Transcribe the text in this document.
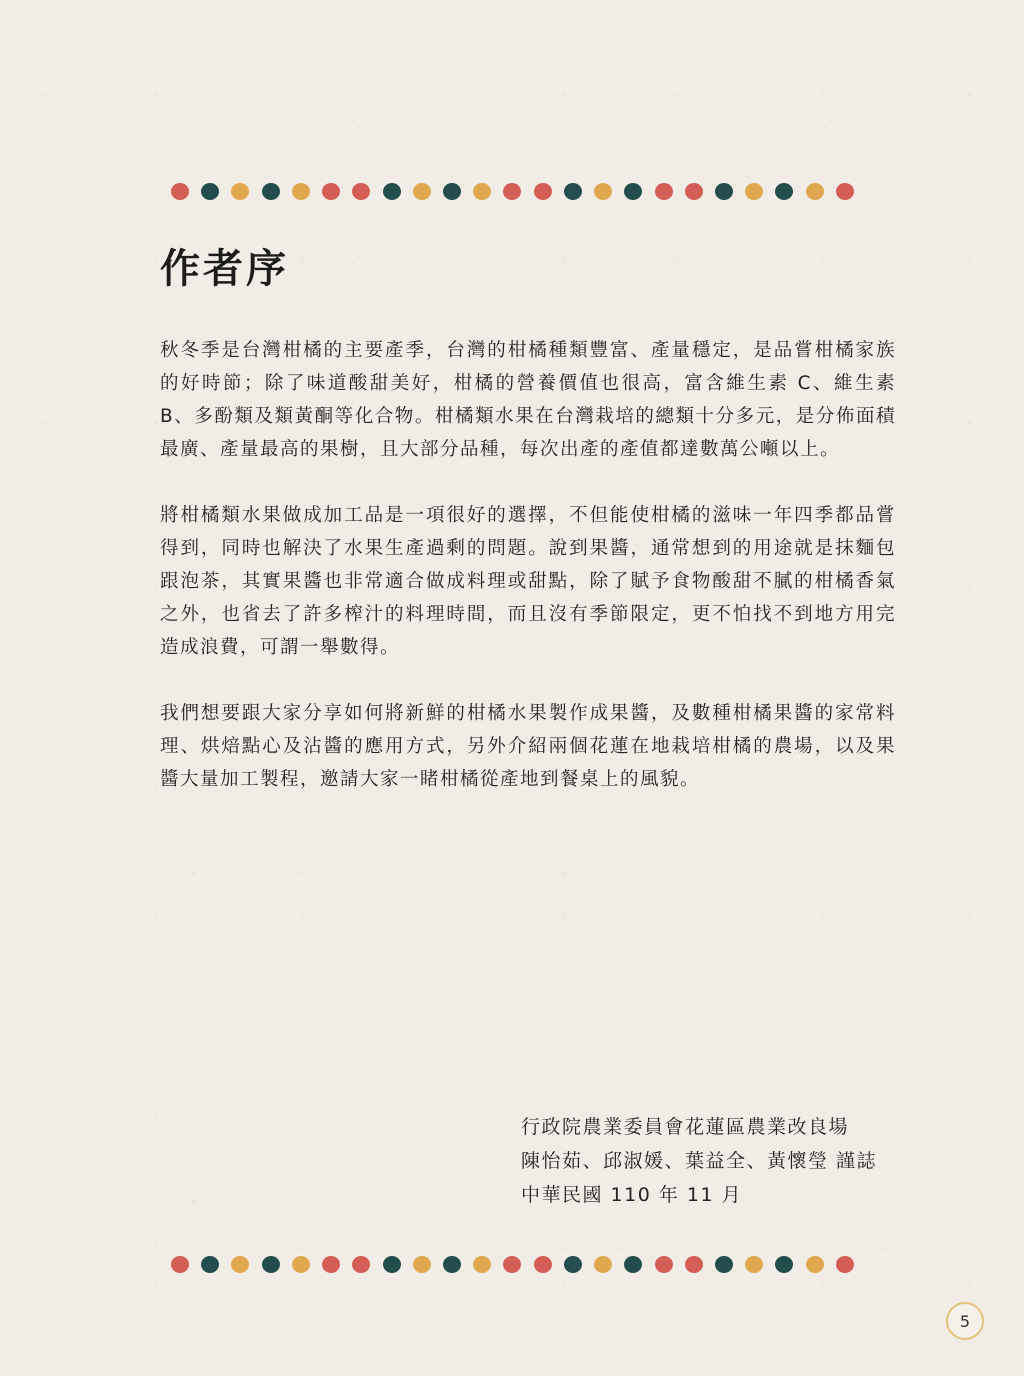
作者序

秋冬季是台灣柑橘的主要產季，台灣的柑橘種類豐富、產量穩定，是品嘗柑橘家族的好時節；除了味道酸甜美好，柑橘的營養價值也很高，富含維生素 C、維生素 B、多酚類及類黃酮等化合物。柑橘類水果在台灣栽培的總類十分多元，是分佈面積最廣、產量最高的果樹，且大部分品種，每次出產的產值都達數萬公噸以上。

將柑橘類水果做成加工品是一項很好的選擇，不但能使柑橘的滋味一年四季都品嘗得到，同時也解決了水果生產過剩的問題。說到果醬，通常想到的用途就是抹麵包跟泡茶，其實果醬也非常適合做成料理或甜點，除了賦予食物酸甜不膩的柑橘香氣之外，也省去了許多榨汁的料理時間，而且沒有季節限定，更不怕找不到地方用完造成浪費，可謂一舉數得。

我們想要跟大家分享如何將新鮮的柑橘水果製作成果醬，及數種柑橘果醬的家常料理、烘焙點心及沾醬的應用方式，另外介紹兩個花蓮在地栽培柑橘的農場，以及果醬大量加工製程，邀請大家一睹柑橘從產地到餐桌上的風貌。

行政院農業委員會花蓮區農業改良場
陳怡茹、邱淑媛、葉益全、黃懷瑩 謹誌
中華民國 110 年 11 月
5
